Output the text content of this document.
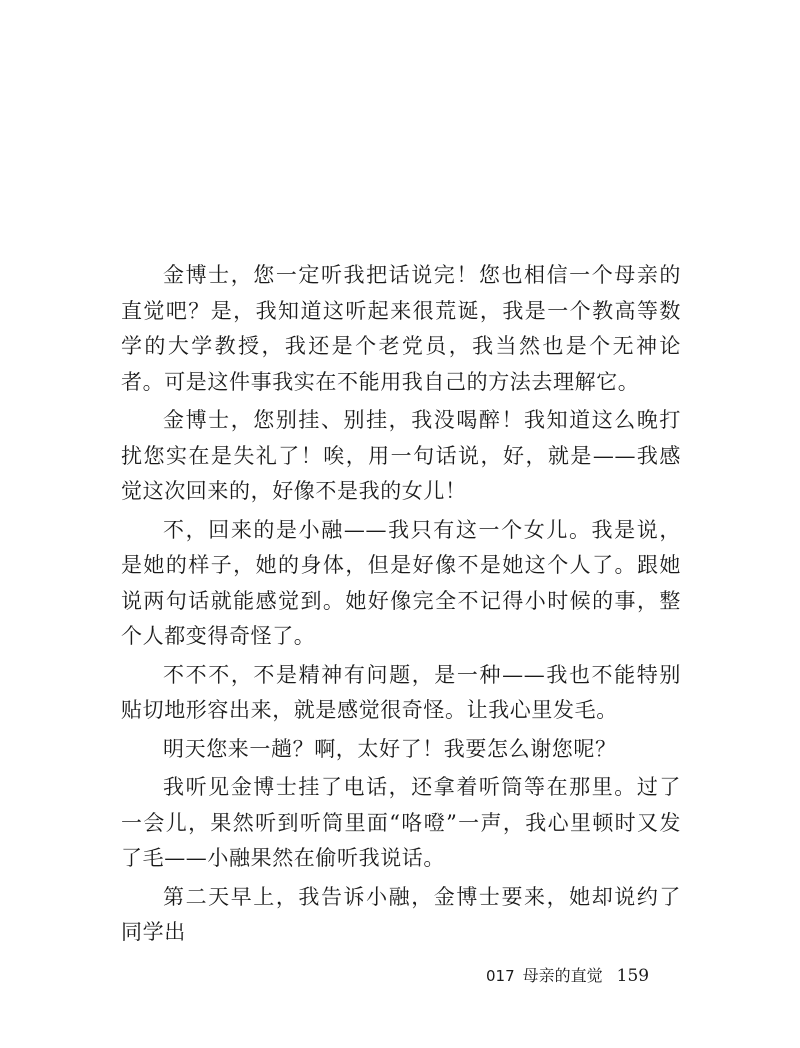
金博士，您一定听我把话说完！您也相信一个母亲的直觉吧？是，我知道这听起来很荒诞，我是一个教高等数学的大学教授，我还是个老党员，我当然也是个无神论者。可是这件事我实在不能用我自己的方法去理解它。

金博士，您别挂、别挂，我没喝醉！我知道这么晚打扰您实在是失礼了！唉，用一句话说，好，就是——我感觉这次回来的，好像不是我的女儿！

不，回来的是小融——我只有这一个女儿。我是说，是她的样子，她的身体，但是好像不是她这个人了。跟她说两句话就能感觉到。她好像完全不记得小时候的事，整个人都变得奇怪了。

不不不，不是精神有问题，是一种——我也不能特别贴切地形容出来，就是感觉很奇怪。让我心里发毛。

明天您来一趟？啊，太好了！我要怎么谢您呢？

我听见金博士挂了电话，还拿着听筒等在那里。过了一会儿，果然听到听筒里面“咯噔”一声，我心里顿时又发了毛——小融果然在偷听我说话。

第二天早上，我告诉小融，金博士要来，她却说约了同学出

017 母亲的直觉 159
